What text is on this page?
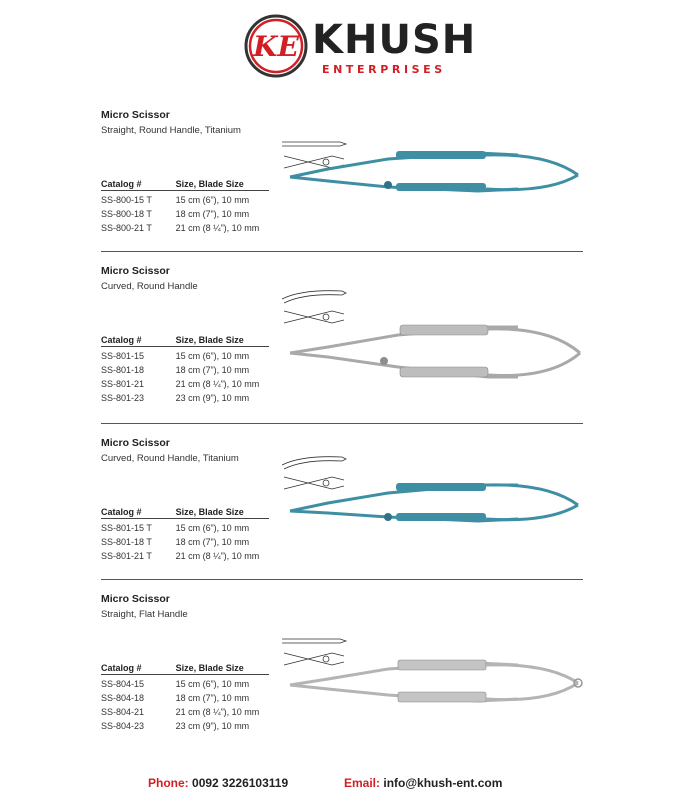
KE KHUSH
ENTERPRISES
Micro Scissor
Straight, Round Handle, Titanium
Catalog #	Size, Blade Size
SS-800-15 T	15 cm (6”), 10 mm
SS-800-18 T	18 cm (7”), 10 mm
SS-800-21 T	21 cm (8 ¼”), 10 mm
Micro Scissor
Curved, Round Handle
Catalog #	Size, Blade Size
SS-801-15	15 cm (6”), 10 mm
SS-801-18	18 cm (7”), 10 mm
SS-801-21	21 cm (8 ¼”), 10 mm
SS-801-23	23 cm (9”), 10 mm
Micro Scissor
Curved, Round Handle, Titanium
Catalog #	Size, Blade Size
SS-801-15 T	15 cm (6”), 10 mm
SS-801-18 T	18 cm (7”), 10 mm
SS-801-21 T	21 cm (8 ¼”), 10 mm
Micro Scissor
Straight, Flat Handle
Catalog #	Size, Blade Size
SS-804-15	15 cm (6”), 10 mm
SS-804-18	18 cm (7”), 10 mm
SS-804-21	21 cm (8 ¼”), 10 mm
SS-804-23	23 cm (9”), 10 mm
Phone: 0092 3226103119	Email: info@khush-ent.com
